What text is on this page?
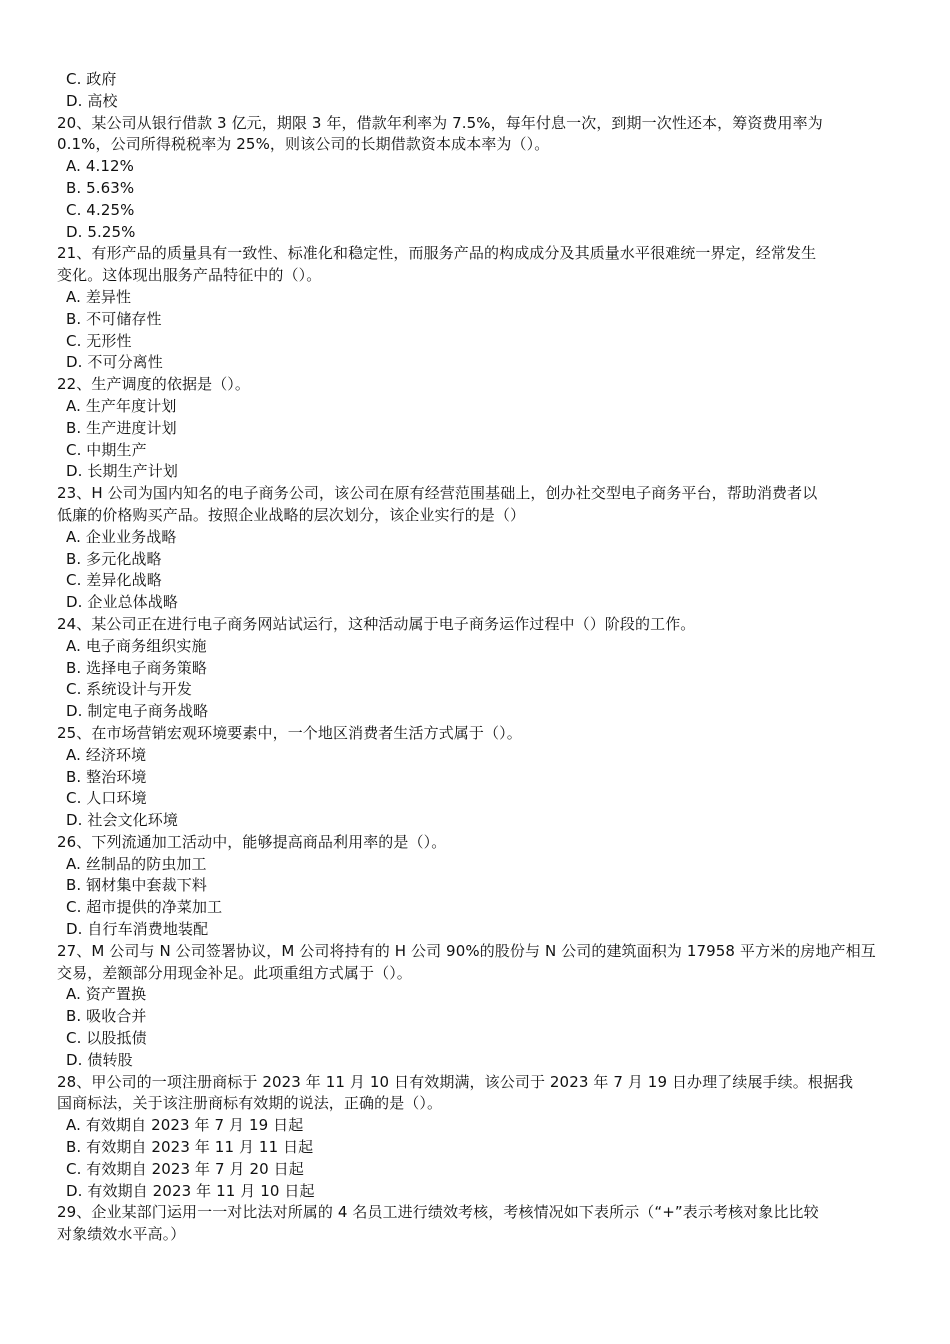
C. 政府
D. 高校
20、某公司从银行借款 3 亿元，期限 3 年，借款年利率为 7.5%，每年付息一次，到期一次性还本，筹资费用率为
0.1%，公司所得税税率为 25%，则该公司的长期借款资本成本率为（）。
A. 4.12%
B. 5.63%
C. 4.25%
D. 5.25%
21、有形产品的质量具有一致性、标准化和稳定性，而服务产品的构成成分及其质量水平很难统一界定，经常发生
变化。这体现出服务产品特征中的（）。
A. 差异性
B. 不可储存性
C. 无形性
D. 不可分离性
22、生产调度的依据是（）。
A. 生产年度计划
B. 生产进度计划
C. 中期生产
D. 长期生产计划
23、H 公司为国内知名的电子商务公司，该公司在原有经营范围基础上，创办社交型电子商务平台，帮助消费者以
低廉的价格购买产品。按照企业战略的层次划分，该企业实行的是（）
A. 企业业务战略
B. 多元化战略
C. 差异化战略
D. 企业总体战略
24、某公司正在进行电子商务网站试运行，这种活动属于电子商务运作过程中（）阶段的工作。
A. 电子商务组织实施
B. 选择电子商务策略
C. 系统设计与开发
D. 制定电子商务战略
25、在市场营销宏观环境要素中，一个地区消费者生活方式属于（）。
A. 经济环境
B. 整治环境
C. 人口环境
D. 社会文化环境
26、下列流通加工活动中，能够提高商品利用率的是（）。
A. 丝制品的防虫加工
B. 钢材集中套裁下料
C. 超市提供的净菜加工
D. 自行车消费地装配
27、M 公司与 N 公司签署协议，M 公司将持有的 H 公司 90%的股份与 N 公司的建筑面积为 17958 平方米的房地产相互
交易，差额部分用现金补足。此项重组方式属于（）。
A. 资产置换
B. 吸收合并
C. 以股抵债
D. 债转股
28、甲公司的一项注册商标于 2023 年 11 月 10 日有效期满，该公司于 2023 年 7 月 19 日办理了续展手续。根据我
国商标法，关于该注册商标有效期的说法，正确的是（）。
A. 有效期自 2023 年 7 月 19 日起
B. 有效期自 2023 年 11 月 11 日起
C. 有效期自 2023 年 7 月 20 日起
D. 有效期自 2023 年 11 月 10 日起
29、企业某部门运用一一对比法对所属的 4 名员工进行绩效考核，考核情况如下表所示（“+”表示考核对象比比较
对象绩效水平高。）
